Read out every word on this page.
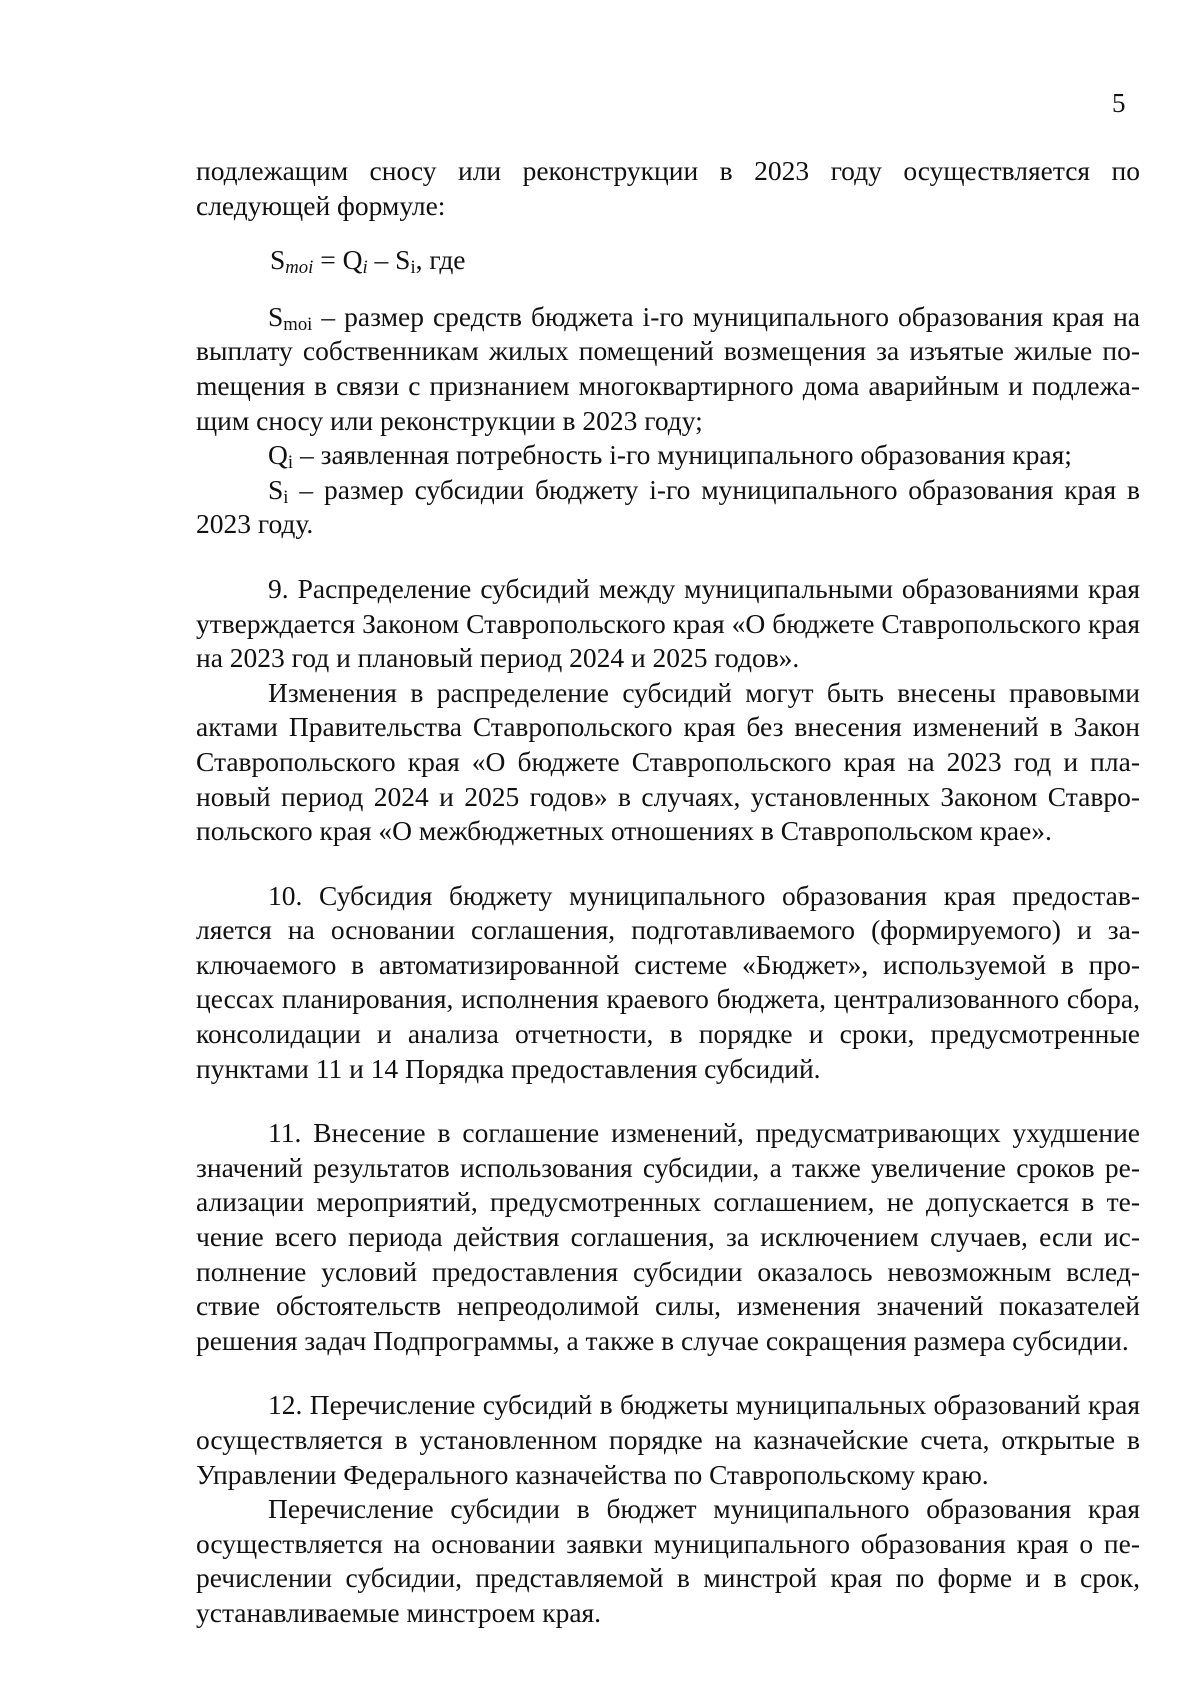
5

подлежащим сносу или реконструкции в 2023 году осуществляется по следующей формуле:

$S_{moi} = Q_i - S_i$, где

$S_{moi}$ – размер средств бюджета i-го муниципального образования края на выплату собственникам жилых помещений возмещения за изъятые жилые поmещения в связи с признанием многоквартирного дома аварийным и подлежащим сносу или реконструкции в 2023 году;

$Q_i$ – заявленная потребность i-го муниципального образования края;

$S_i$ – размер субсидии бюджету i-го муниципального образования края в 2023 году.

9. Распределение субсидий между муниципальными образованиями края утверждается Законом Ставропольского края «О бюджете Ставропольского края на 2023 год и плановый период 2024 и 2025 годов».

Изменения в распределение субсидий могут быть внесены правовыми актами Правительства Ставропольского края без внесения изменений в Закон Ставропольского края «О бюджете Ставропольского края на 2023 год и плановый период 2024 и 2025 годов» в случаях, установленных Законом Ставропольского края «О межбюджетных отношениях в Ставропольском крае».

10. Субсидия бюджету муниципального образования края предоставляется на основании соглашения, подготавливаемого (формируемого) и заключаемого в автоматизированной системе «Бюджет», используемой в процессах планирования, исполнения краевого бюджета, централизованного сбора, консолидации и анализа отчетности, в порядке и сроки, предусмотренные пунктами 11 и 14 Порядка предоставления субсидий.

11. Внесение в соглашение изменений, предусматривающих ухудшение значений результатов использования субсидии, а также увеличение сроков реализации мероприятий, предусмотренных соглашением, не допускается в течение всего периода действия соглашения, за исключением случаев, если исполнение условий предоставления субсидии оказалось невозможным вследствие обстоятельств непреодолимой силы, изменения значений показателей решения задач Подпрограммы, а также в случае сокращения размера субсидии.

12. Перечисление субсидий в бюджеты муниципальных образований края осуществляется в установленном порядке на казначейские счета, открытые в Управлении Федерального казначейства по Ставропольскому краю.

Перечисление субсидии в бюджет муниципального образования края осуществляется на основании заявки муниципального образования края о перечислении субсидии, представляемой в минстрой края по форме и в срок, устанавливаемые минстроем края.
